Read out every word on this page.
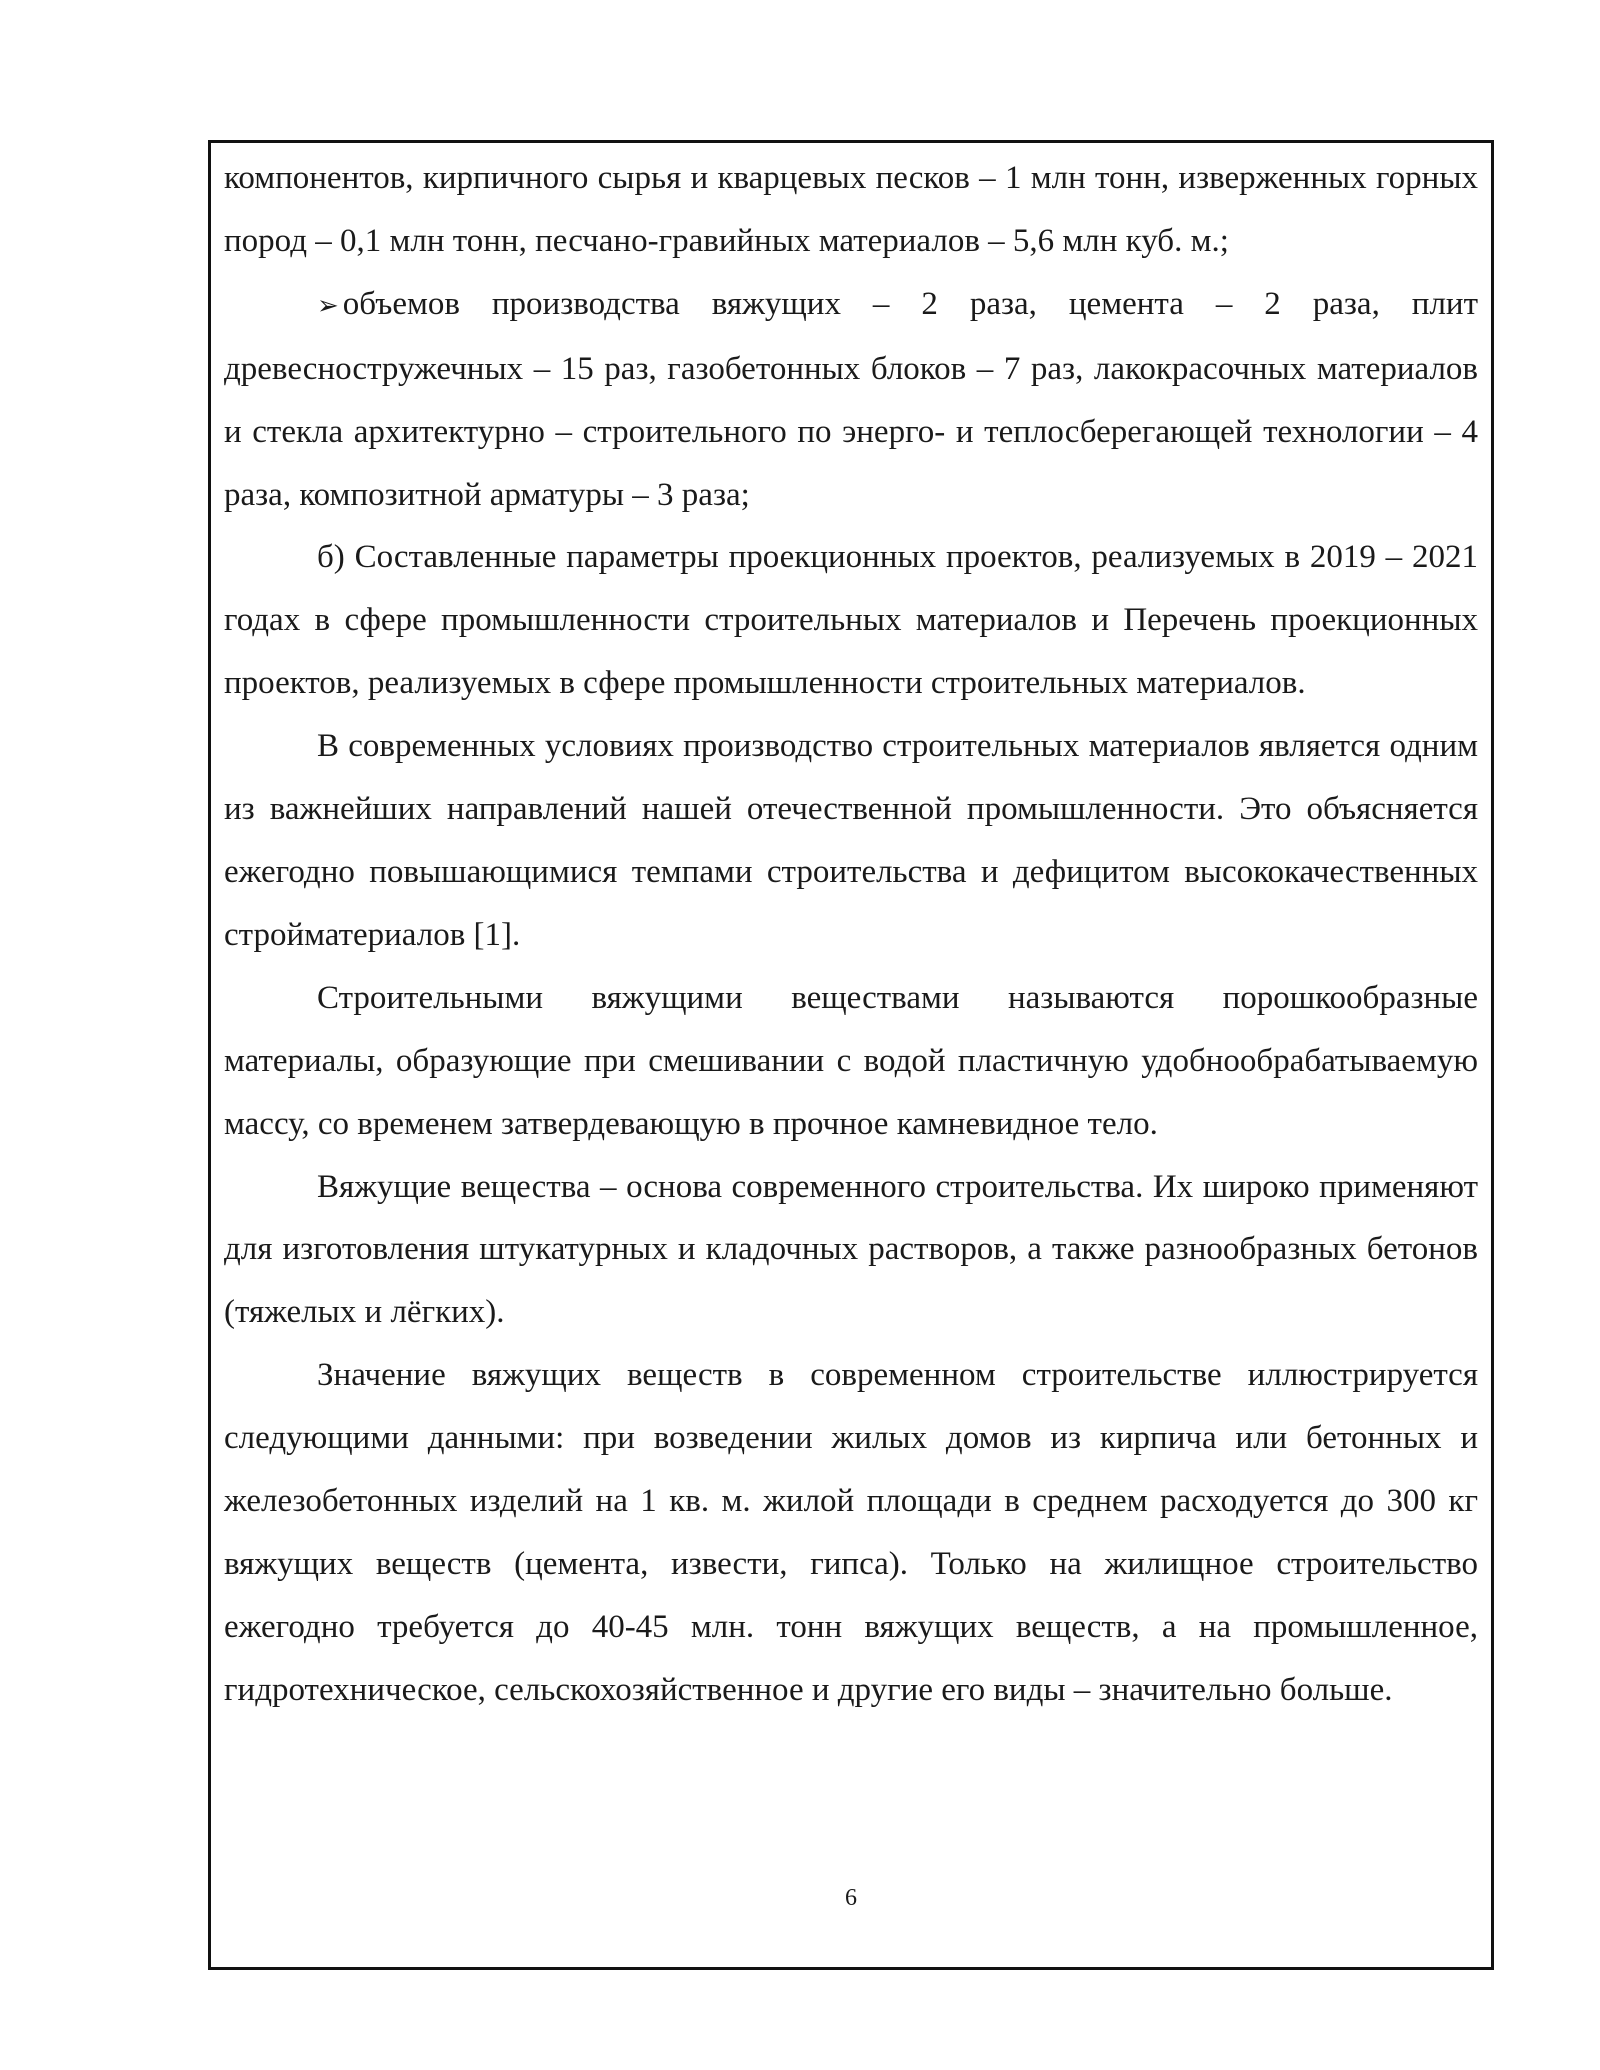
компонентов, кирпичного сырья и кварцевых песков – 1 млн тонн, изверженных горных пород – 0,1 млн тонн, песчано-гравийных материалов – 5,6 млн куб. м.;

➢ объемов производства вяжущих – 2 раза, цемента – 2 раза, плит древесностружечных – 15 раз, газобетонных блоков – 7 раз, лакокрасочных материалов и стекла архитектурно – строительного по энерго- и теплосберегающей технологии – 4 раза, композитной арматуры – 3 раза;

б) Составленные параметры проекционных проектов, реализуемых в 2019 – 2021 годах в сфере промышленности строительных материалов и Перечень проекционных проектов, реализуемых в сфере промышленности строительных материалов.

В современных условиях производство строительных материалов является одним из важнейших направлений нашей отечественной промышленности. Это объясняется ежегодно повышающимися темпами строительства и дефицитом высококачественных стройматериалов [1].

Строительными вяжущими веществами называются порошкообразные материалы, образующие при смешивании с водой пластичную удобнообрабатываемую массу, со временем затвердевающую в прочное камневидное тело.

Вяжущие вещества – основа современного строительства. Их широко применяют для изготовления штукатурных и кладочных растворов, а также разнообразных бетонов (тяжелых и лёгких).

Значение вяжущих веществ в современном строительстве иллюстрируется следующими данными: при возведении жилых домов из кирпича или бетонных и железобетонных изделий на 1 кв. м. жилой площади в среднем расходуется до 300 кг вяжущих веществ (цемента, извести, гипса). Только на жилищное строительство ежегодно требуется до 40-45 млн. тонн вяжущих веществ, а на промышленное, гидротехническое, сельскохозяйственное и другие его виды – значительно больше.

6
